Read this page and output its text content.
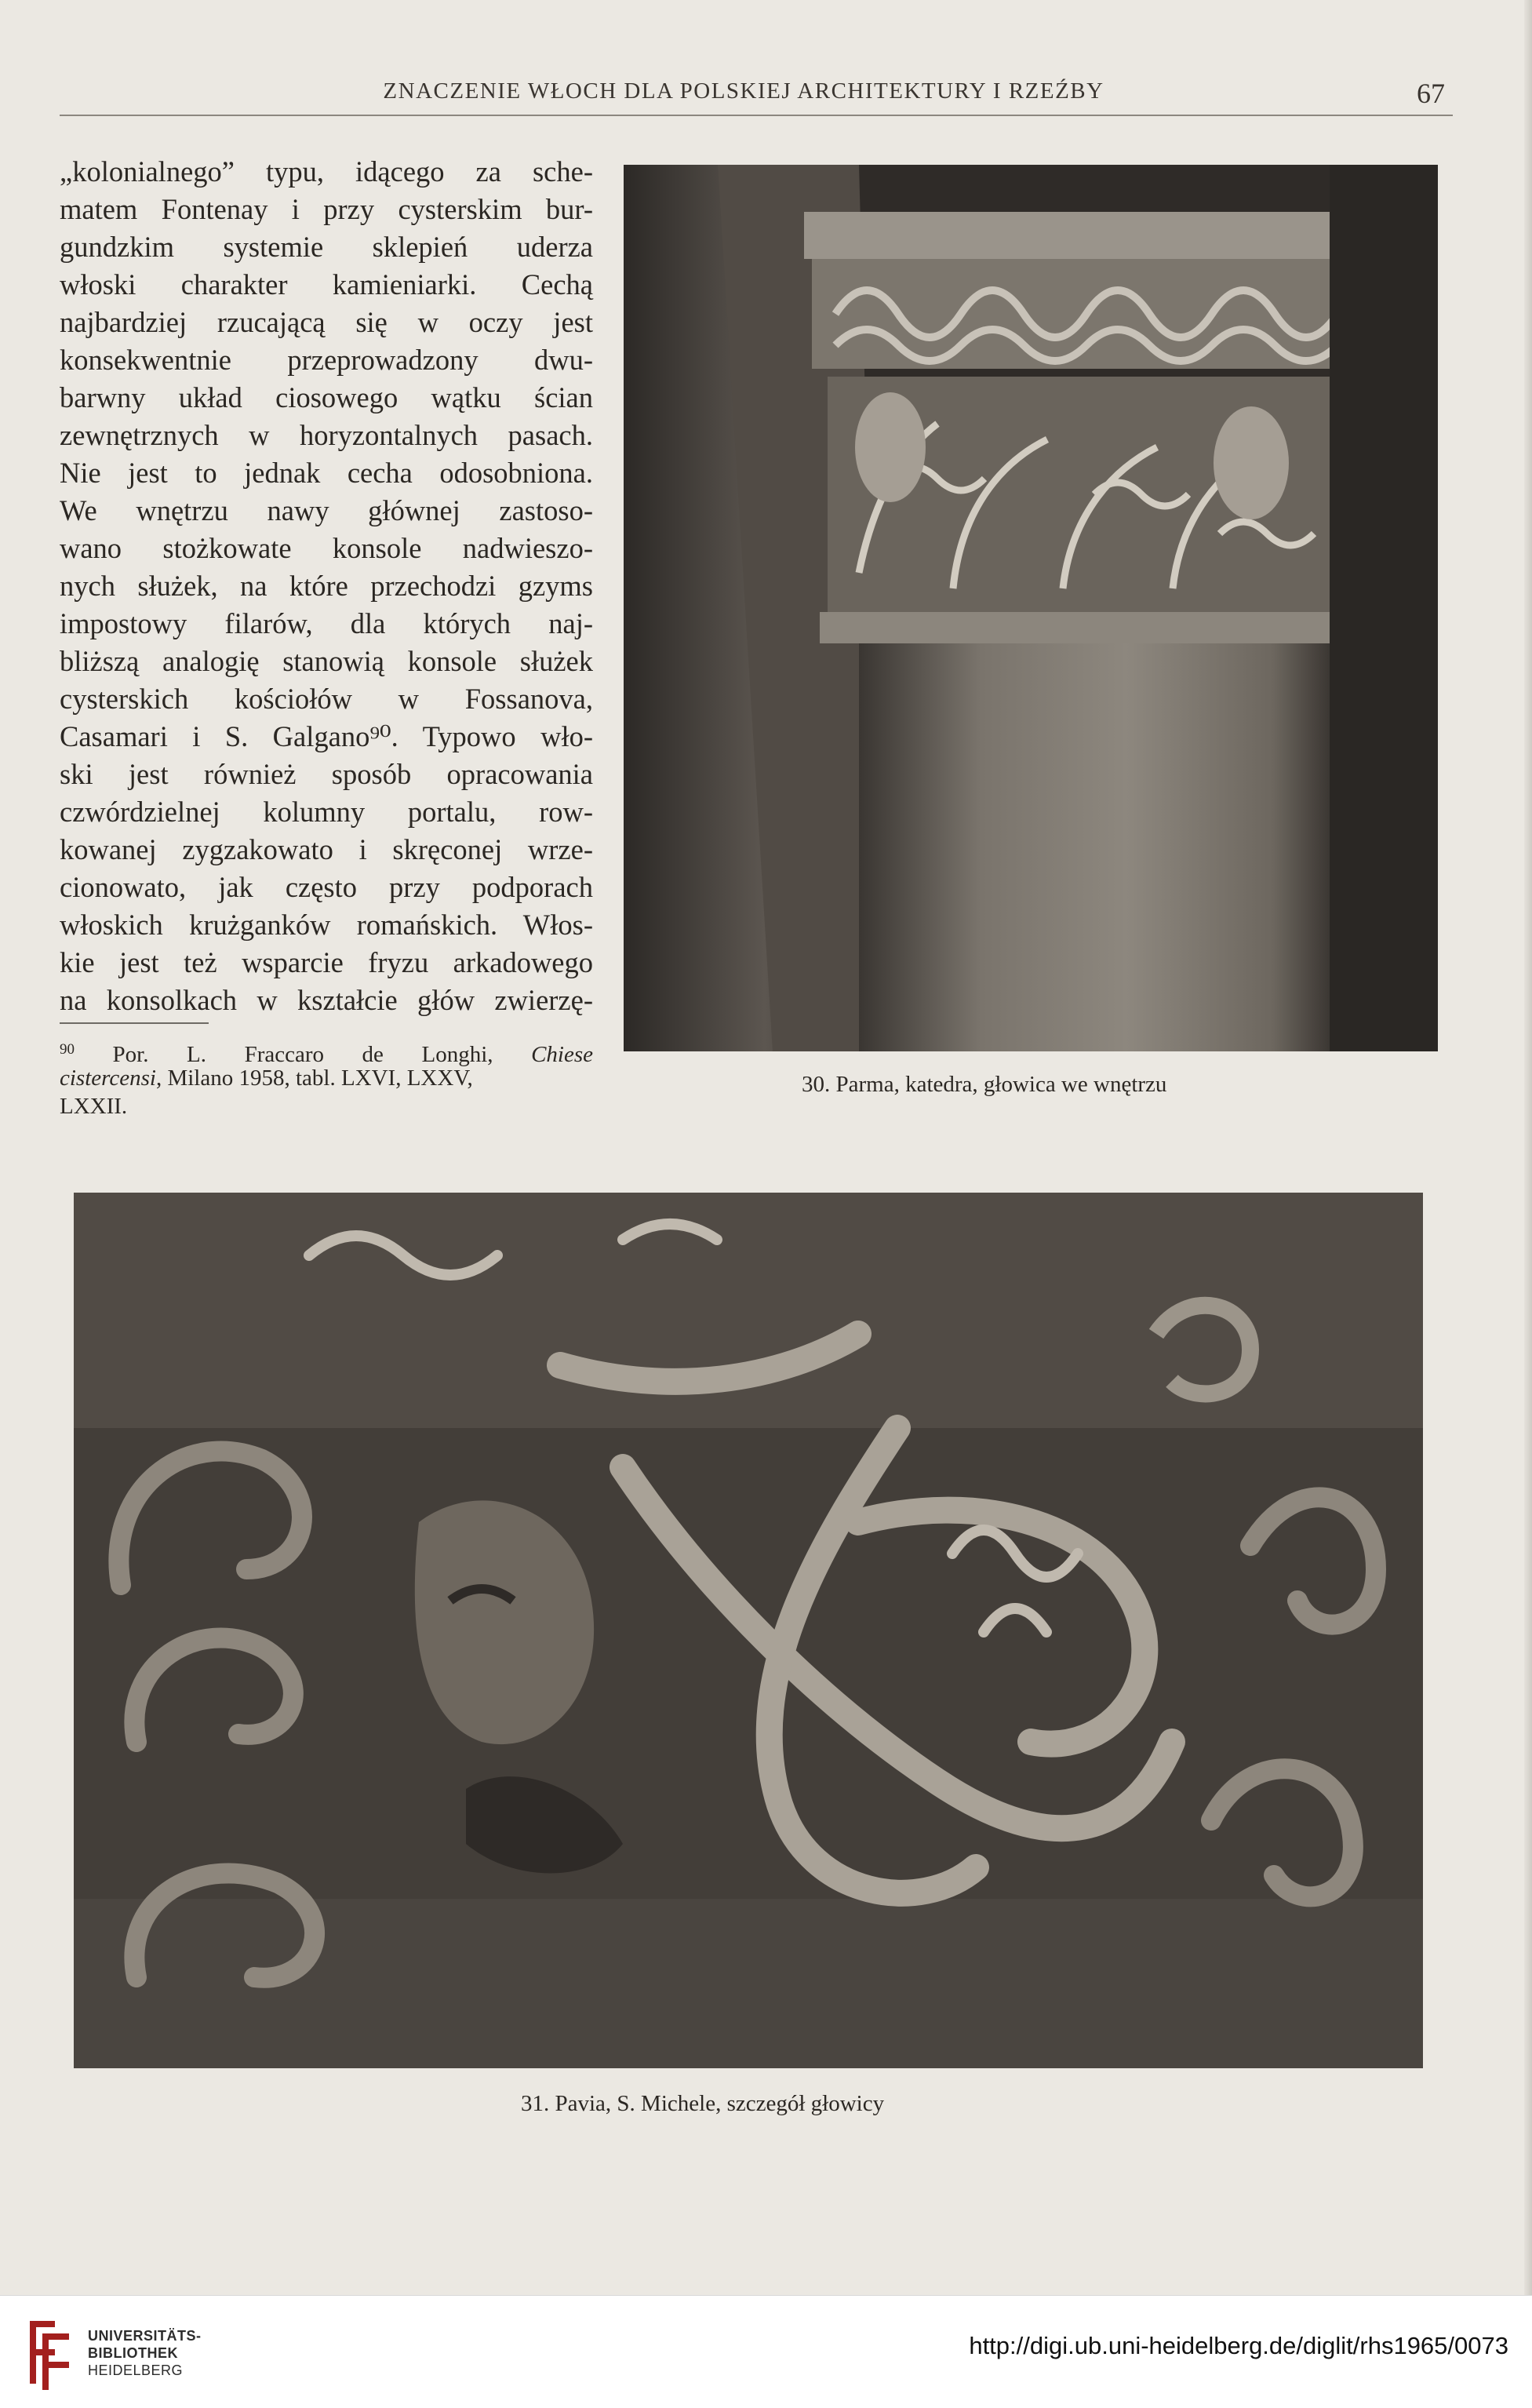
ZNACZENIE WŁOCH DLA POLSKIEJ ARCHITEKTURY I RZEŹBY	67
„kolonialnego” typu, idącego za sche-
matem Fontenay i przy cysterskim bur-
gundzkim systemie sklepień uderza
włoski charakter kamieniarki. Cechą
najbardziej rzucającą się w oczy jest
konsekwentnie przeprowadzony dwu-
barwny układ ciosowego wątku ścian
zewnętrznych w horyzontalnych pasach.
Nie jest to jednak cecha odosobniona.
We wnętrzu nawy głównej zastoso-
wano stożkowate konsole nadwieszo-
nych służek, na które przechodzi gzyms
impostowy filarów, dla których naj-
bliższą analogię stanowią konsole służek
cysterskich kościołów w Fossanova,
Casamari i S. Galgano⁹⁰. Typowo wło-
ski jest również sposób opracowania
czwórdzielnej kolumny portalu, row-
kowanej zygzakowato i skręconej wrze-
cionowato, jak często przy podporach
włoskich krużganków romańskich. Włos-
kie jest też wsparcie fryzu arkadowego
na konsolkach w kształcie głów zwierzę-
$^{90}$ Por. L. Fraccaro de Longhi, Chiese
cistercensi, Milano 1958, tabl. LXVI, LXXV,
LXXII.
30. Parma, katedra, głowica we wnętrzu
31. Pavia, S. Michele, szczegół głowicy
UNIVERSITÄTS-
BIBLIOTHEK
HEIDELBERG
http://digi.ub.uni-heidelberg.de/diglit/rhs1965/0073
